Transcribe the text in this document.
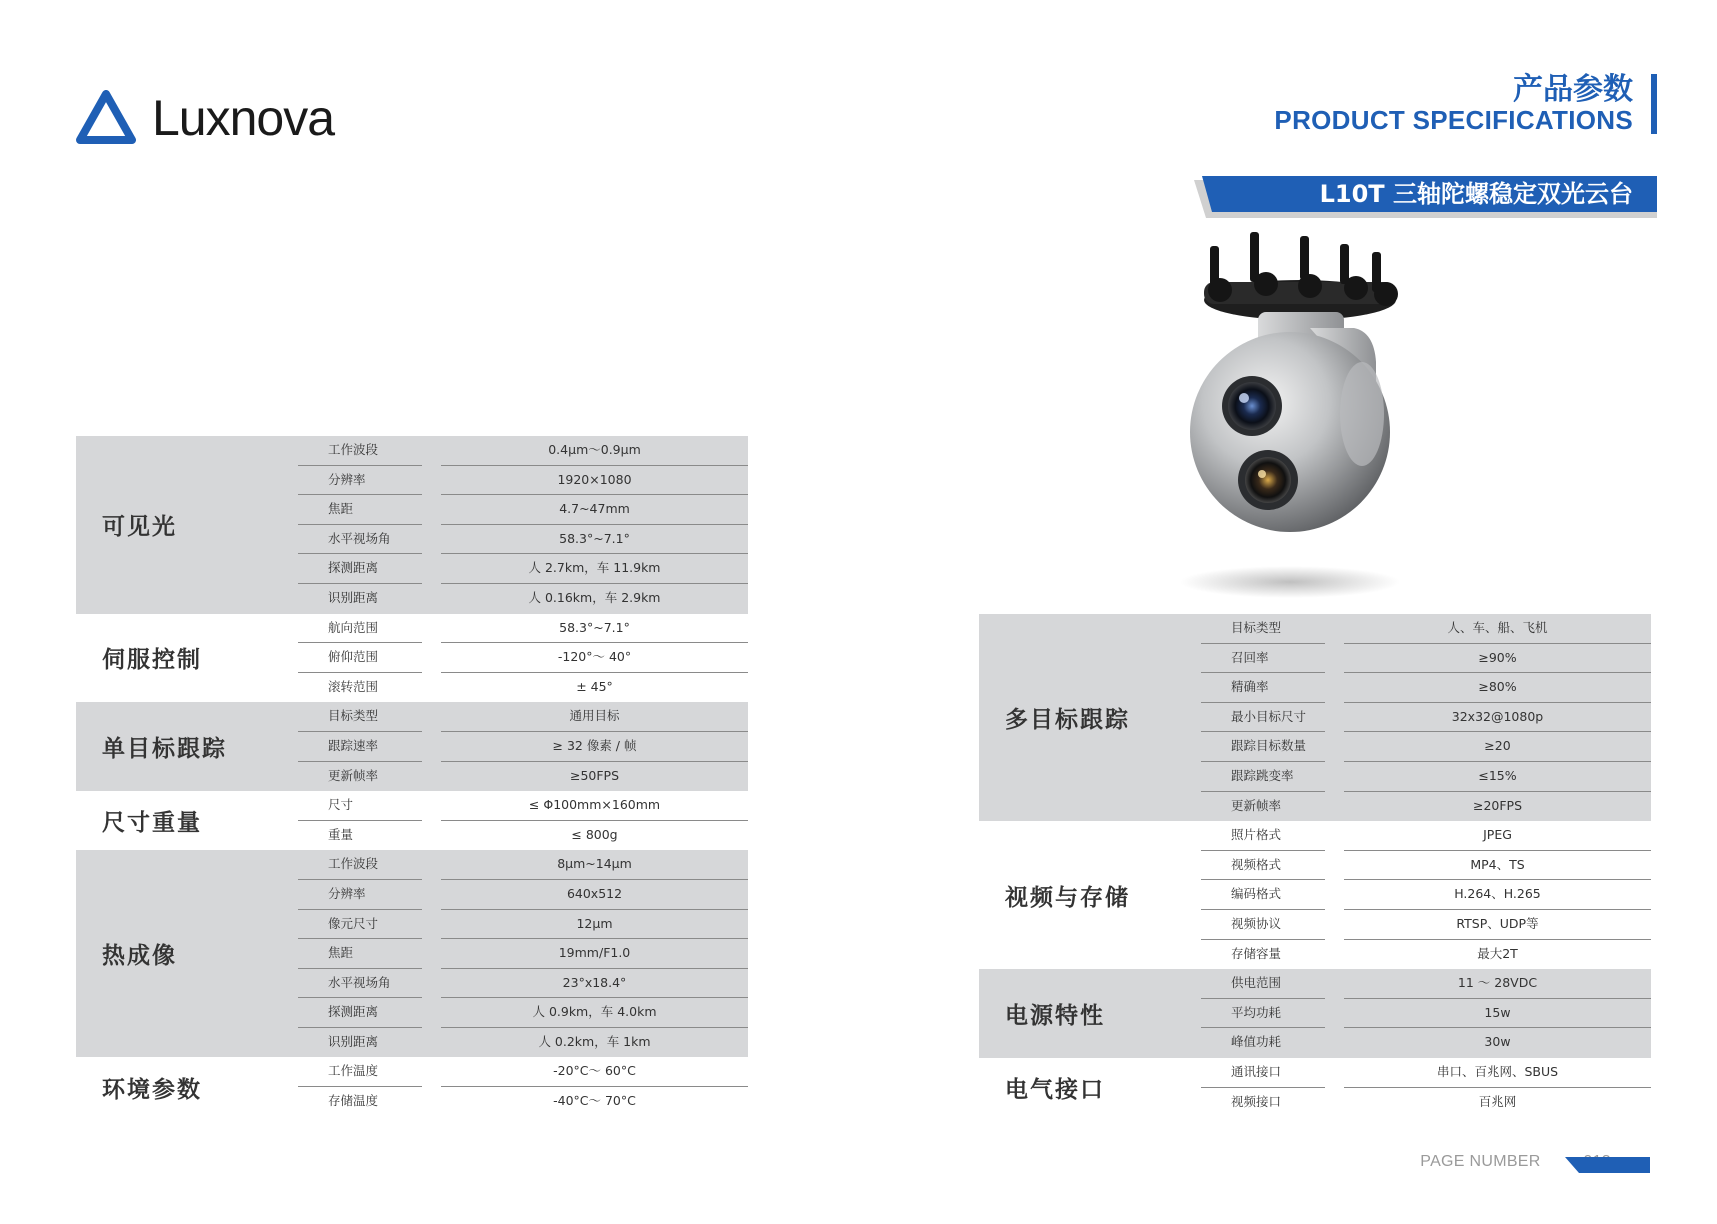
Luxnova
产品参数
PRODUCT SPECIFICATIONS
L10T 三轴陀螺稳定双光云台
可见光
工作波段	0.4μm～0.9μm
分辨率	1920×1080
焦距	4.7~47mm
水平视场角	58.3°~7.1°
探测距离	人 2.7km，车 11.9km
识别距离	人 0.16km，车 2.9km
伺服控制
航向范围	58.3°~7.1°
俯仰范围	-120°～ 40°
滚转范围	± 45°
单目标跟踪
目标类型	通用目标
跟踪速率	≥ 32 像素 / 帧
更新帧率	≥50FPS
尺寸重量
尺寸	≤ Φ100mm×160mm
重量	≤ 800g
热成像
工作波段	8μm~14μm
分辨率	640x512
像元尺寸	12μm
焦距	19mm/F1.0
水平视场角	23°x18.4°
探测距离	人 0.9km，车 4.0km
识别距离	人 0.2km，车 1km
环境参数
工作温度	-20°C～ 60°C
存储温度	-40°C～ 70°C
多目标跟踪
目标类型	人、车、船、飞机
召回率	≥90%
精确率	≥80%
最小目标尺寸	32x32@1080p
跟踪目标数量	≥20
跟踪跳变率	≤15%
更新帧率	≥20FPS
视频与存储
照片格式	JPEG
视频格式	MP4、TS
编码格式	H.264、H.265
视频协议	RTSP、UDP等
存储容量	最大2T
电源特性
供电范围	11 ～ 28VDC
平均功耗	15w
峰值功耗	30w
电气接口
通讯接口	串口、百兆网、SBUS
视频接口	百兆网
PAGE NUMBER
